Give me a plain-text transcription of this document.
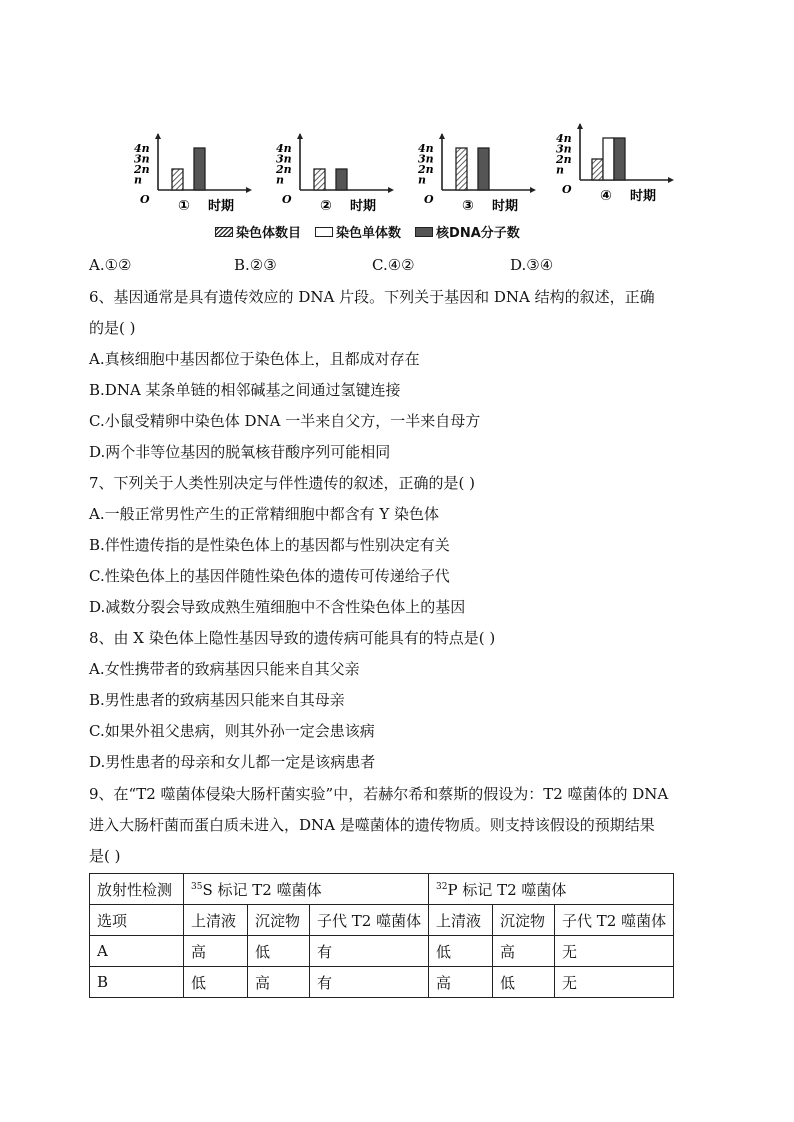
4n
3n
2n
n
O ① 时期
4n
3n
2n
n
O ② 时期
4n
3n
2n
n
O ③ 时期
4n
3n
2n
n
O ④ 时期
染色体数目	染色单体数	核DNA分子数
A.①②	B.②③	C.④②	D.③④
6、基因通常是具有遗传效应的 DNA 片段。下列关于基因和 DNA 结构的叙述，正确
的是( )
A.真核细胞中基因都位于染色体上，且都成对存在
B.DNA 某条单链的相邻碱基之间通过氢键连接
C.小鼠受精卵中染色体 DNA 一半来自父方，一半来自母方
D.两个非等位基因的脱氧核苷酸序列可能相同
7、下列关于人类性别决定与伴性遗传的叙述，正确的是( )
A.一般正常男性产生的正常精细胞中都含有 Y 染色体
B.伴性遗传指的是性染色体上的基因都与性别决定有关
C.性染色体上的基因伴随性染色体的遗传可传递给子代
D.减数分裂会导致成熟生殖细胞中不含性染色体上的基因
8、由 X 染色体上隐性基因导致的遗传病可能具有的特点是( )
A.女性携带者的致病基因只能来自其父亲
B.男性患者的致病基因只能来自其母亲
C.如果外祖父患病，则其外孙一定会患该病
D.男性患者的母亲和女儿都一定是该病患者
9、在“T2 噬菌体侵染大肠杆菌实验”中，若赫尔希和蔡斯的假设为：T2 噬菌体的 DNA
进入大肠杆菌而蛋白质未进入，DNA 是噬菌体的遗传物质。则支持该假设的预期结果
是( )
放射性检测	$^{35}$S 标记 T2 噬菌体			$^{32}$P 标记 T2 噬菌体		
选项	上清液	沉淀物	子代 T2 噬菌体	上清液	沉淀物	子代 T2 噬菌体
A	高	低	有	低	高	无
B	低	高	有	高	低	无
